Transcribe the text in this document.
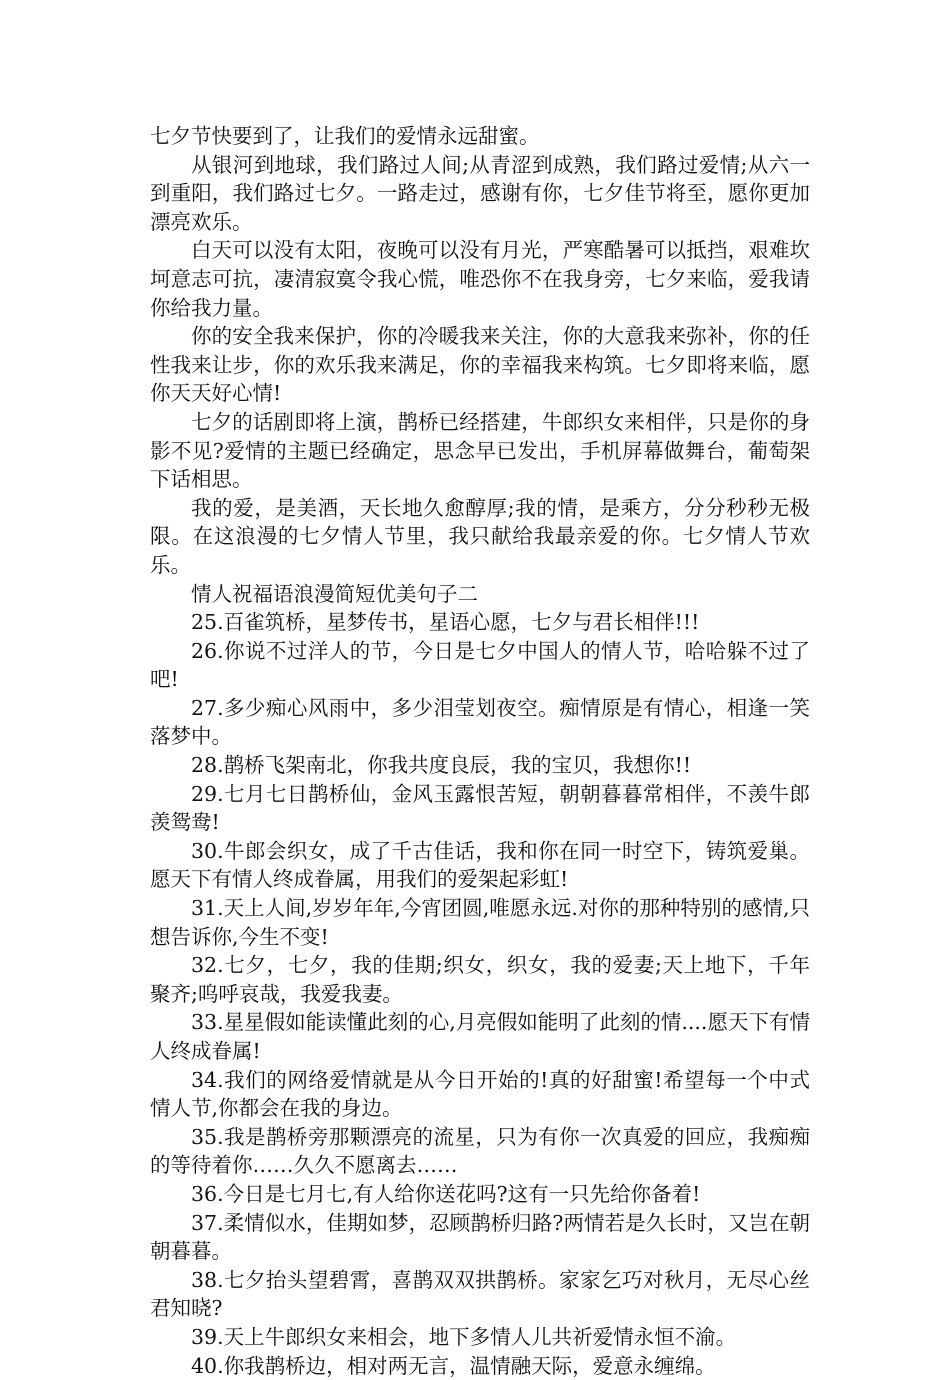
七夕节快要到了，让我们的爱情永远甜蜜。

从银河到地球，我们路过人间;从青涩到成熟，我们路过爱情;从六一到重阳，我们路过七夕。一路走过，感谢有你，七夕佳节将至，愿你更加漂亮欢乐。

白天可以没有太阳，夜晚可以没有月光，严寒酷暑可以抵挡，艰难坎坷意志可抗，凄清寂寞令我心慌，唯恐你不在我身旁，七夕来临，爱我请你给我力量。

你的安全我来保护，你的冷暖我来关注，你的大意我来弥补，你的任性我来让步，你的欢乐我来满足，你的幸福我来构筑。七夕即将来临，愿你天天好心情!

七夕的话剧即将上演，鹊桥已经搭建，牛郎织女来相伴，只是你的身影不见?爱情的主题已经确定，思念早已发出，手机屏幕做舞台，葡萄架下话相思。

我的爱，是美酒，天长地久愈醇厚;我的情，是乘方，分分秒秒无极限。在这浪漫的七夕情人节里，我只献给我最亲爱的你。七夕情人节欢乐。

情人祝福语浪漫简短优美句子二

25.百雀筑桥，星梦传书，星语心愿，七夕与君长相伴!!!

26.你说不过洋人的节，今日是七夕中国人的情人节，哈哈躲不过了吧!

27.多少痴心风雨中，多少泪莹划夜空。痴情原是有情心，相逢一笑落梦中。

28.鹊桥飞架南北，你我共度良辰，我的宝贝，我想你!!

29.七月七日鹊桥仙，金风玉露恨苦短，朝朝暮暮常相伴，不羡牛郎羡鸳鸯!

30.牛郎会织女，成了千古佳话，我和你在同一时空下，铸筑爱巢。愿天下有情人终成眷属，用我们的爱架起彩虹!

31.天上人间,岁岁年年,今宵团圆,唯愿永远.对你的那种特别的感情,只想告诉你,今生不变!

32.七夕，七夕，我的佳期;织女，织女，我的爱妻;天上地下，千年聚齐;呜呼哀哉，我爱我妻。

33.星星假如能读懂此刻的心,月亮假如能明了此刻的情....愿天下有情人终成眷属!

34.我们的网络爱情就是从今日开始的!真的好甜蜜!希望每一个中式情人节,你都会在我的身边。

35.我是鹊桥旁那颗漂亮的流星，只为有你一次真爱的回应，我痴痴的等待着你……久久不愿离去……

36.今日是七月七,有人给你送花吗?这有一只先给你备着!

37.柔情似水，佳期如梦，忍顾鹊桥归路?两情若是久长时，又岂在朝朝暮暮。

38.七夕抬头望碧霄，喜鹊双双拱鹊桥。家家乞巧对秋月，无尽心丝君知晓?

39.天上牛郎织女来相会，地下多情人儿共祈爱情永恒不渝。

40.你我鹊桥边，相对两无言，温情融天际，爱意永缠绵。
